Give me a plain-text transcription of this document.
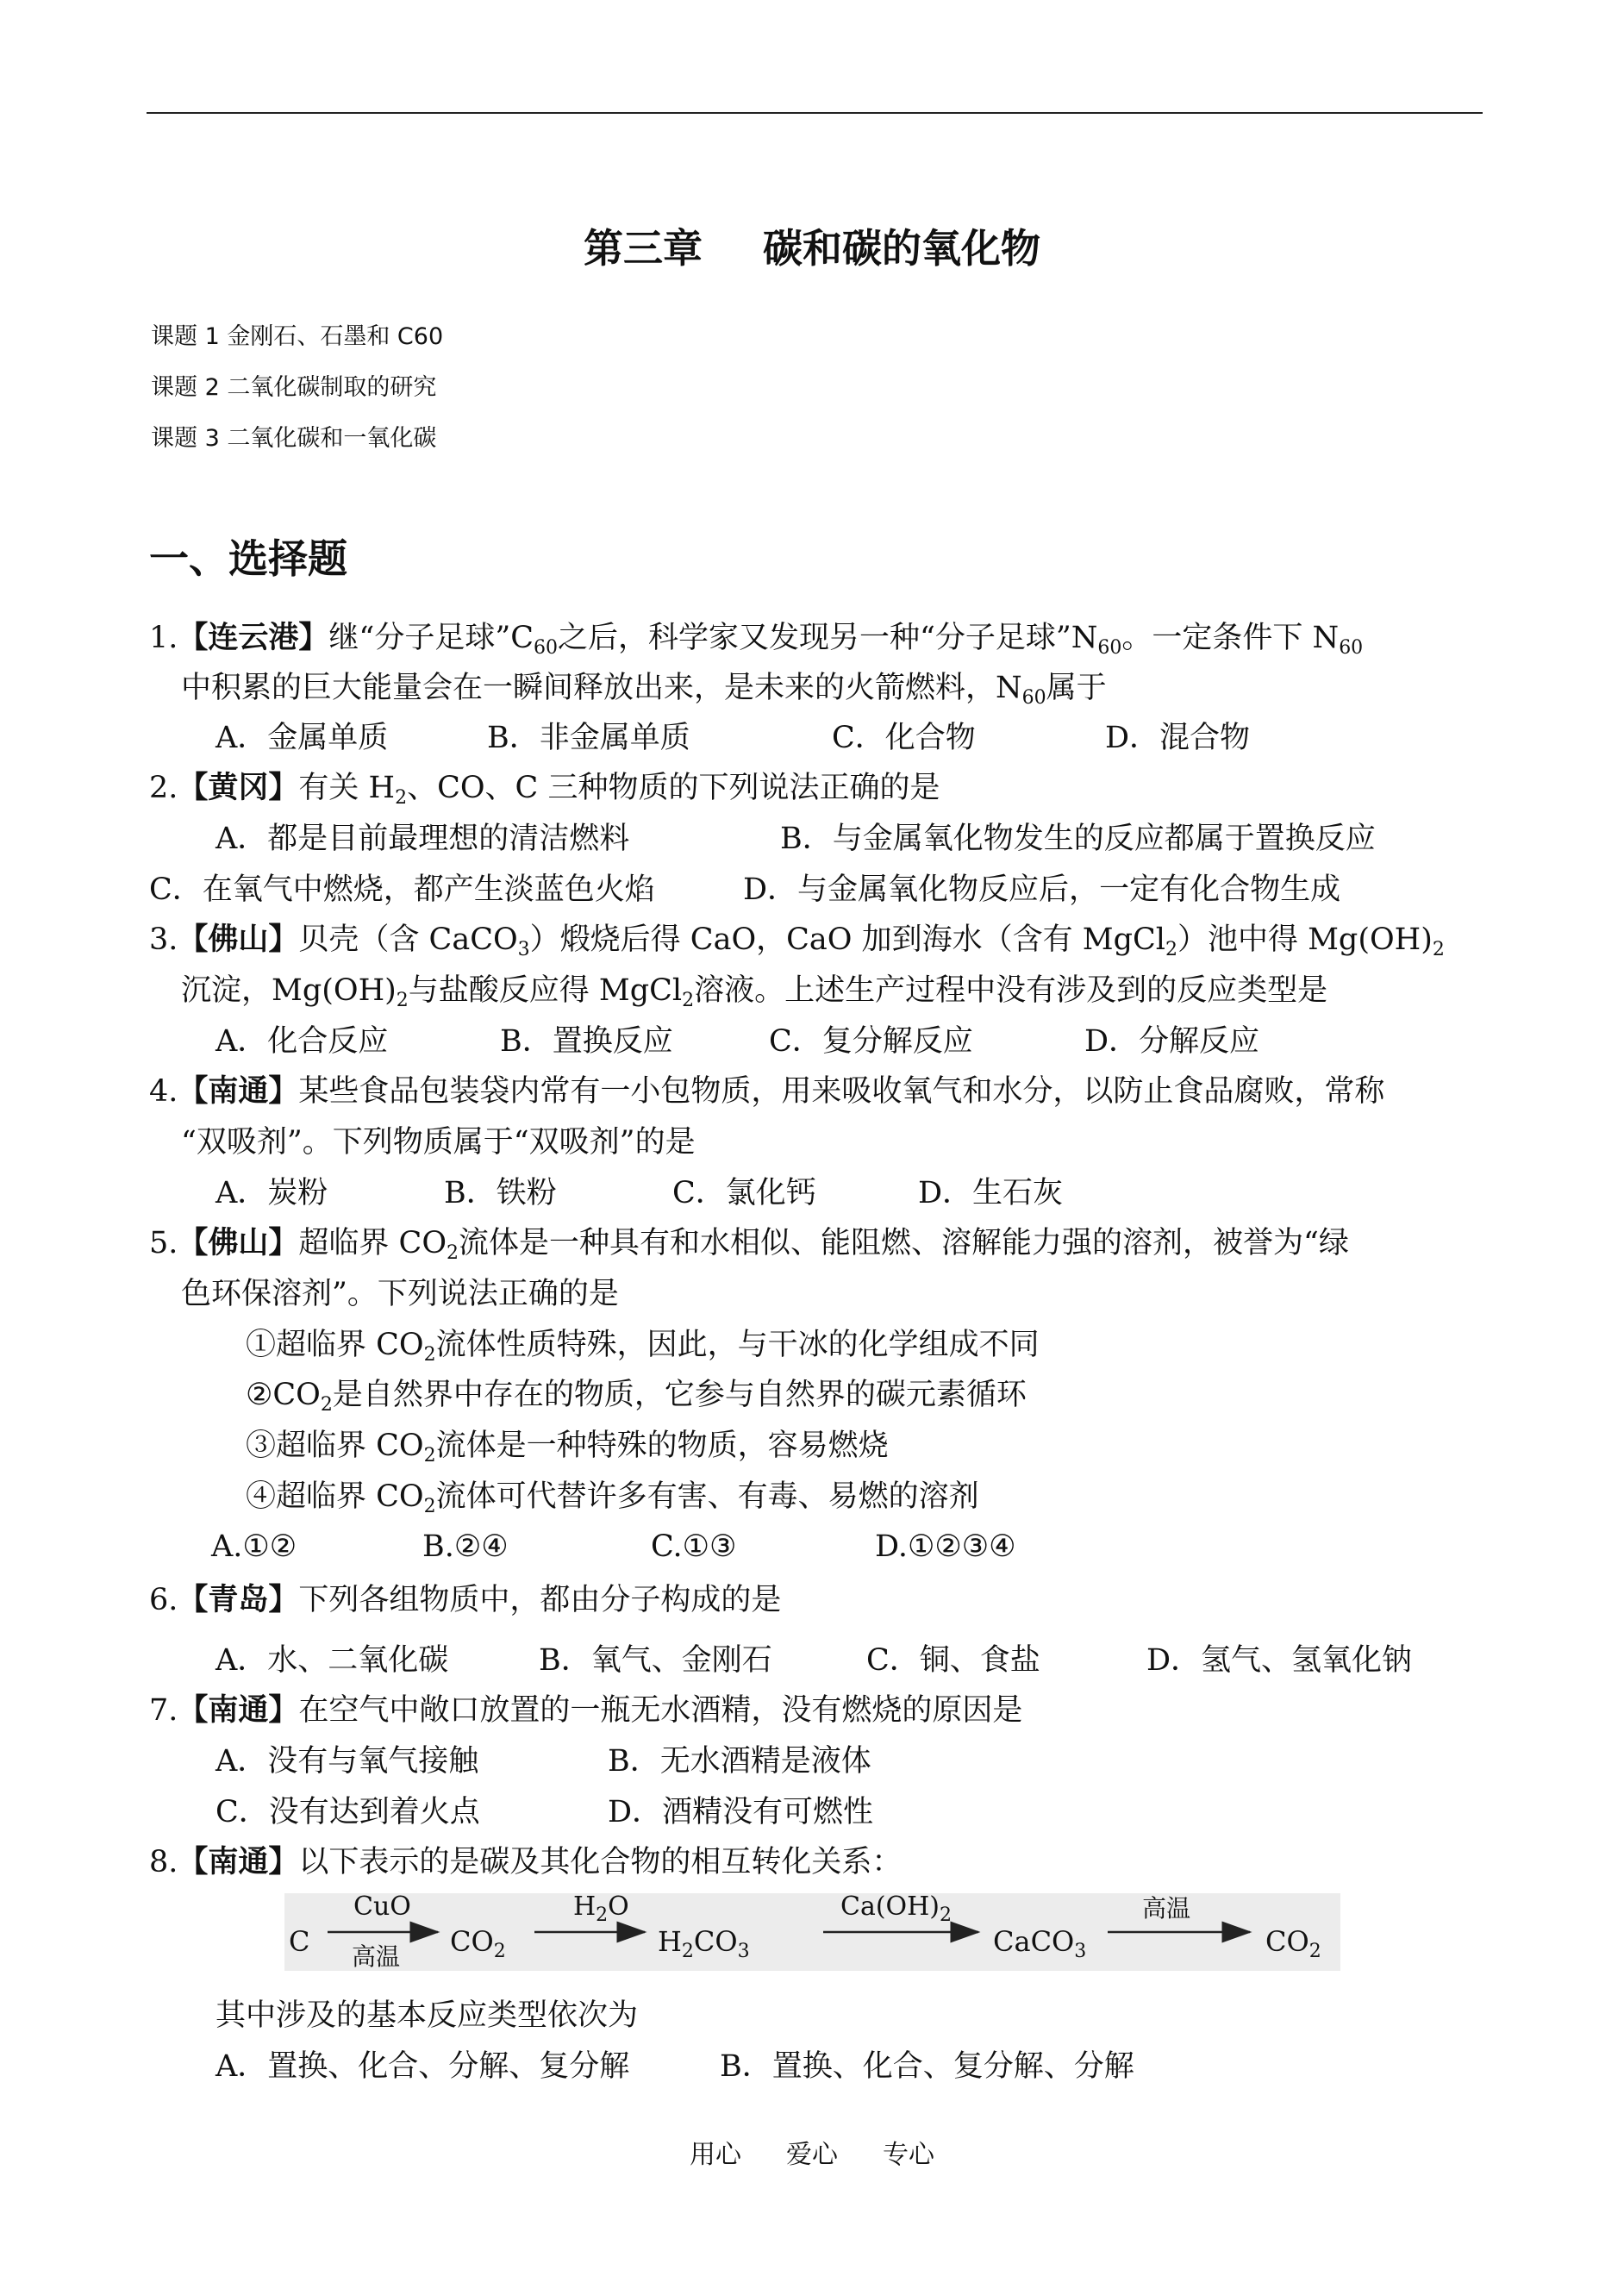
第三章 碳和碳的氧化物
课题 1 金刚石、石墨和 C60
课题 2 二氧化碳制取的研究
课题 3 二氧化碳和一氧化碳
一、选择题
1.【连云港】继“分子足球$”C_{60}$之后，科学家又发现另一种“分子足球$”N_{60}$。一定条件下 $N_{60}$
中积累的巨大能量会在一瞬间释放出来，是未来的火箭燃料，$N_{60}$属于
A．金属单质	B．非金属单质	C．化合物	D．混合物
2.【黄冈】有关 $H_2$、CO、C 三种物质的下列说法正确的是
A．都是目前最理想的清洁燃料	B．与金属氧化物发生的反应都属于置换反应
C．在氧气中燃烧，都产生淡蓝色火焰	D．与金属氧化物反应后，一定有化合物生成
3.【佛山】贝壳（含 CaCO$_3$）煅烧后得 CaO，CaO 加到海水（含有 MgCl$_2$）池中得 $Mg(OH)_2$
沉淀，$Mg(OH)_2$与盐酸反应得 MgCl$_2$溶液。上述生产过程中没有涉及到的反应类型是
A．化合反应	B．置换反应	C．复分解反应	D．分解反应
4.【南通】某些食品包装袋内常有一小包物质，用来吸收氧气和水分，以防止食品腐败，常称
“双吸剂”。下列物质属于“双吸剂”的是
A．炭粉	B．铁粉	C．氯化钙	D．生石灰
5.【佛山】超临界 $CO_2$流体是一种具有和水相似、能阻燃、溶解能力强的溶剂，被誉为“绿
色环保溶剂”。下列说法正确的是
①超临界 $CO_2$流体性质特殊，因此，与干冰的化学组成不同
$②CO_2$是自然界中存在的物质，它参与自然界的碳元素循环
③超临界 $CO_2$流体是一种特殊的物质，容易燃烧
④超临界 $CO_2$流体可代替许多有害、有毒、易燃的溶剂
A.①②	B.②④	C.①③	D.①②③④
6.【青岛】下列各组物质中，都由分子构成的是
A．水、二氧化碳	B．氧气、金刚石	C．铜、食盐	D．氢气、氢氧化钠
7.【南通】在空气中敞口放置的一瓶无水酒精，没有燃烧的原因是
A．没有与氧气接触	B．无水酒精是液体
C．没有达到着火点	D．酒精没有可燃性
8.【南通】以下表示的是碳及其化合物的相互转化关系：
C
CuO
高温 $CO_2$
$H_2O$
$H_2CO_3$
$Ca(OH)_2$
CaCO$_3$
高温
$CO_2$
其中涉及的基本反应类型依次为
A．置换、化合、分解、复分解	B．置换、化合、复分解、分解
用心 爱心 专心
